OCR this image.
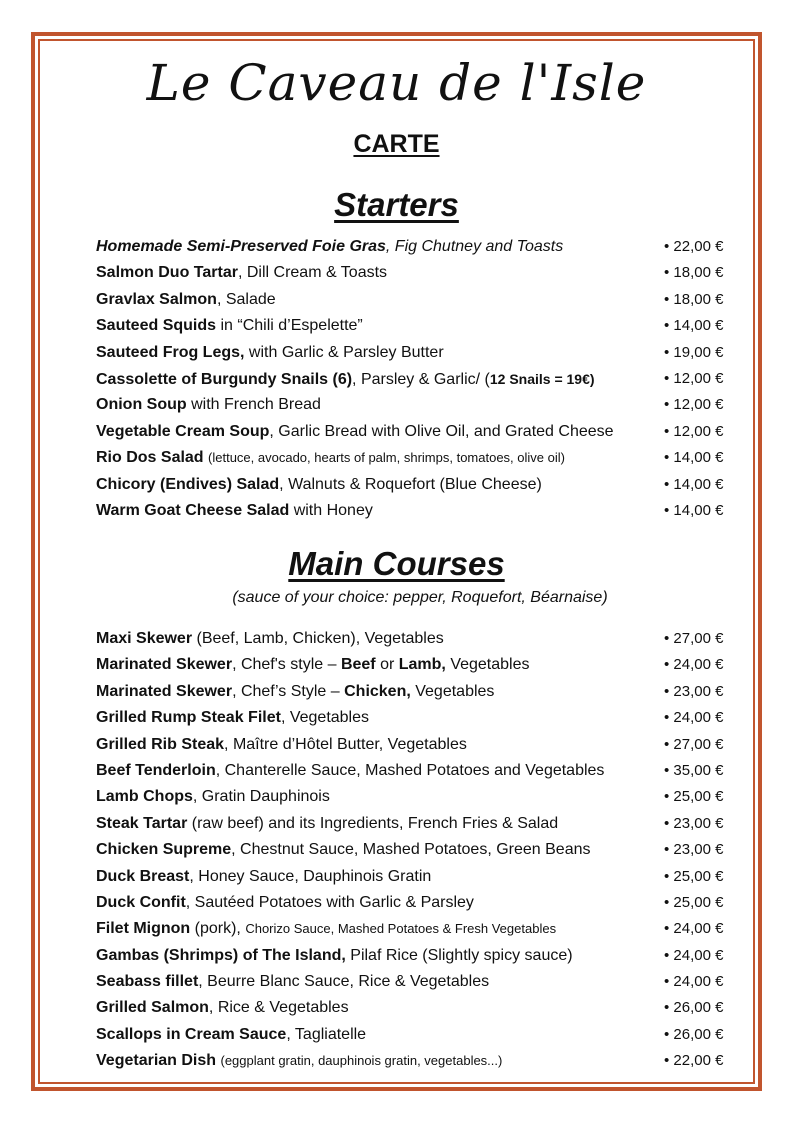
Le Caveau de l'Isle
CARTE
Starters
Homemade Semi-Preserved Foie Gras, Fig Chutney and Toasts	• 22,00 €
Salmon Duo Tartar, Dill Cream & Toasts	• 18,00 €
Gravlax Salmon, Salade	• 18,00 €
Sauteed Squids in “Chili d’Espelette”	• 14,00 €
Sauteed Frog Legs, with Garlic & Parsley Butter	• 19,00 €
Cassolette of Burgundy Snails (6), Parsley & Garlic/ (12 Snails = 19€)	• 12,00 €
Onion Soup with French Bread	• 12,00 €
Vegetable Cream Soup, Garlic Bread with Olive Oil, and Grated Cheese	• 12,00 €
Rio Dos Salad (lettuce, avocado, hearts of palm, shrimps, tomatoes, olive oil)	• 14,00 €
Chicory (Endives) Salad, Walnuts & Roquefort (Blue Cheese)	• 14,00 €
Warm Goat Cheese Salad with Honey	• 14,00 €
Main Courses
(sauce of your choice: pepper, Roquefort, Béarnaise)
Maxi Skewer (Beef, Lamb, Chicken), Vegetables	• 27,00 €
Marinated Skewer, Chef's style – Beef or Lamb, Vegetables	• 24,00 €
Marinated Skewer, Chef’s Style – Chicken, Vegetables	• 23,00 €
Grilled Rump Steak Filet, Vegetables	• 24,00 €
Grilled Rib Steak, Maître d’Hôtel Butter, Vegetables	• 27,00 €
Beef Tenderloin, Chanterelle Sauce, Mashed Potatoes and Vegetables	• 35,00 €
Lamb Chops, Gratin Dauphinois	• 25,00 €
Steak Tartar (raw beef) and its Ingredients, French Fries & Salad	• 23,00 €
Chicken Supreme, Chestnut Sauce, Mashed Potatoes, Green Beans	• 23,00 €
Duck Breast, Honey Sauce, Dauphinois Gratin	• 25,00 €
Duck Confit, Sautéed Potatoes with Garlic & Parsley	• 25,00 €
Filet Mignon (pork), Chorizo Sauce, Mashed Potatoes & Fresh Vegetables	• 24,00 €
Gambas (Shrimps) of The Island, Pilaf Rice (Slightly spicy sauce)	• 24,00 €
Seabass fillet, Beurre Blanc Sauce, Rice & Vegetables	• 24,00 €
Grilled Salmon, Rice & Vegetables	• 26,00 €
Scallops in Cream Sauce, Tagliatelle	• 26,00 €
Vegetarian Dish (eggplant gratin, dauphinois gratin, vegetables...)	• 22,00 €
